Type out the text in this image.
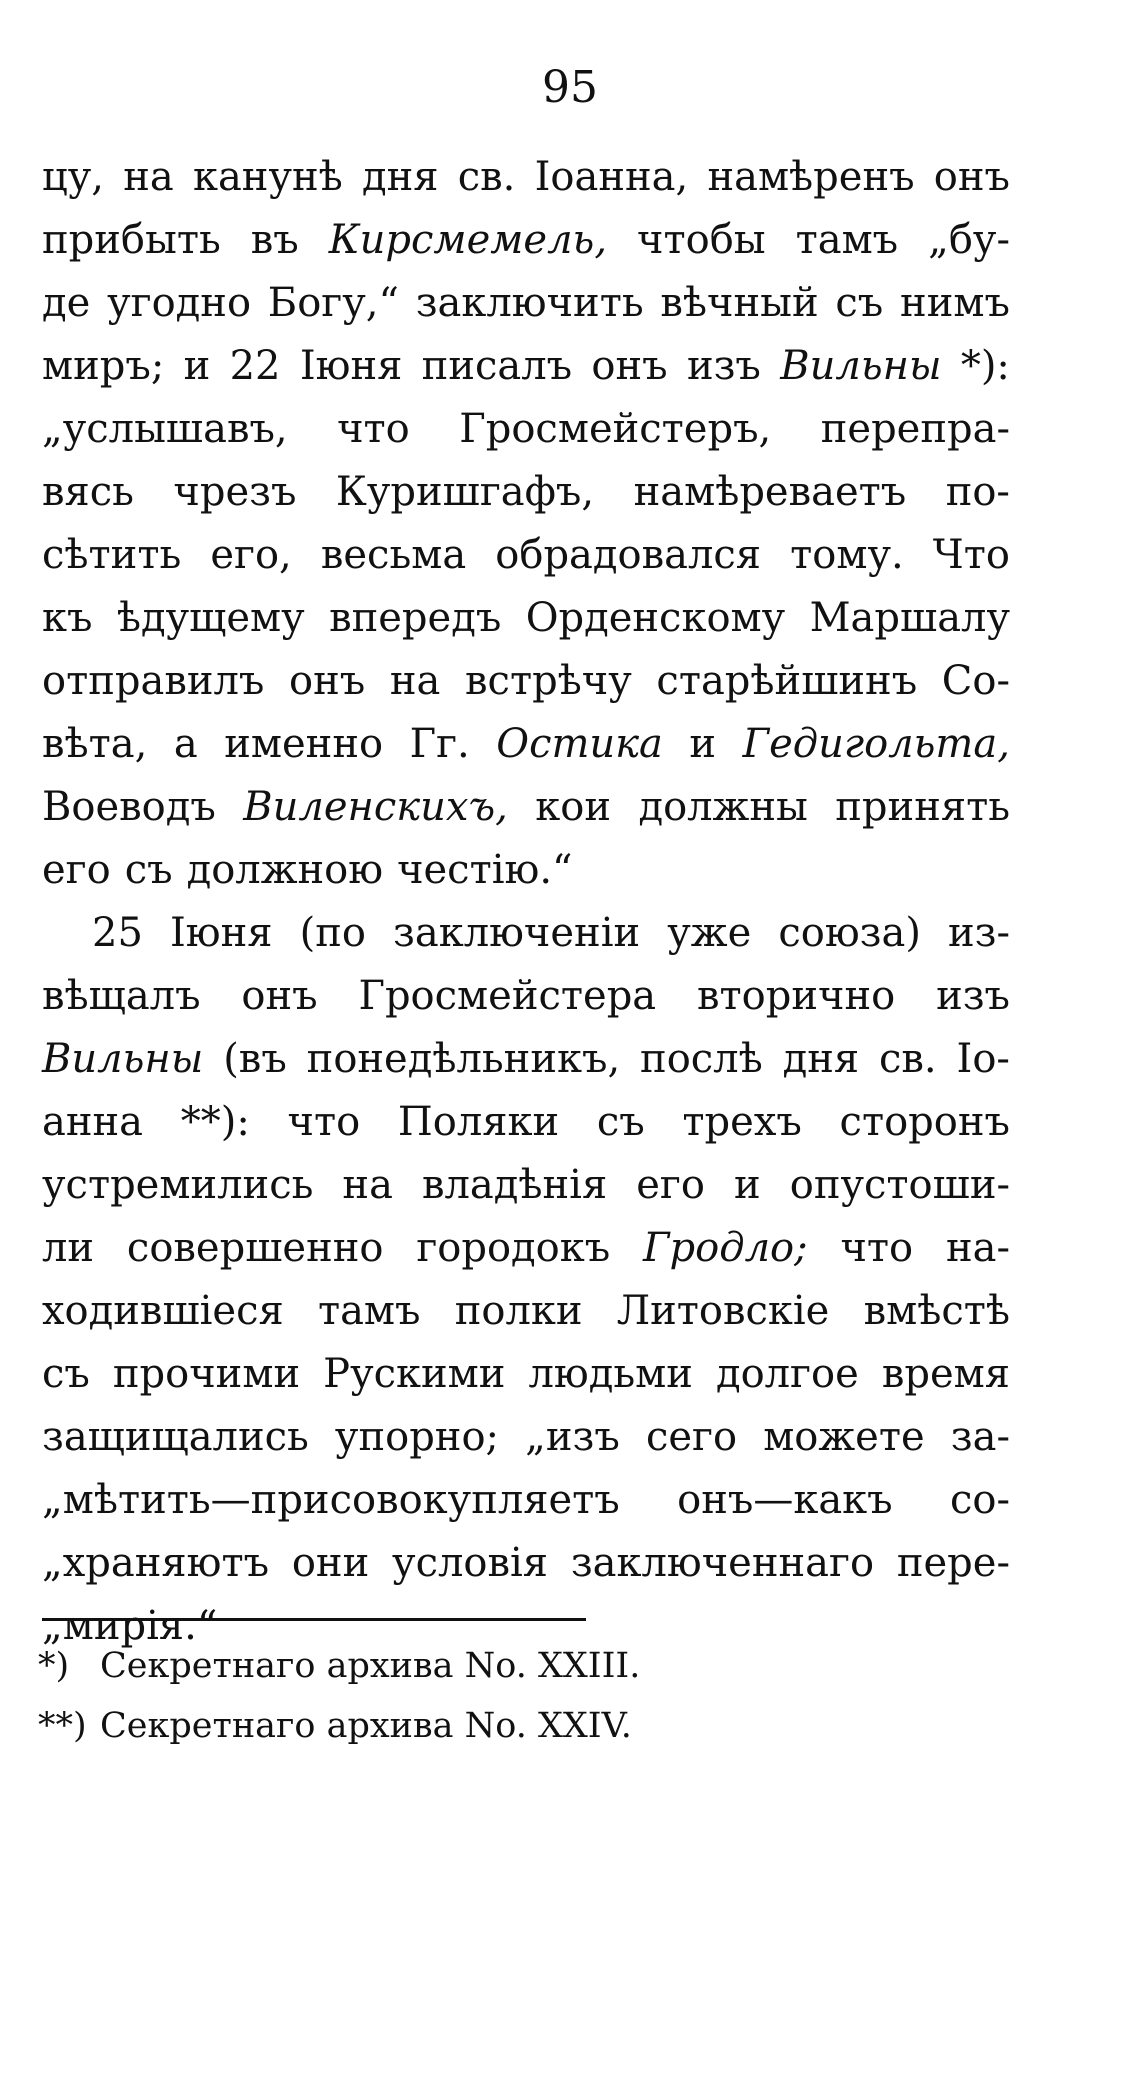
95
цу, на канунѣ дня св. Іоанна, намѣренъ онъ
прибыть въ Кирсмемель, чтобы тамъ „бу-
де угодно Богу,“ заключить вѣчный съ нимъ
миръ; и 22 Іюня писалъ онъ изъ Вильны *):
„услышавъ, что Гросмейстеръ, перепра-
вясь чрезъ Куришгафъ, намѣреваетъ по-
сѣтить его, весьма обрадовался тому. Что
къ ѣдущему впередъ Орденскому Маршалу
отправилъ онъ на встрѣчу старѣйшинъ Со-
вѣта, а именно Гг. Остика и Гедигольта,
Воеводъ Виленскихъ, кои должны принять
его съ должною честію.“
25 Іюня (по заключеніи уже союза) из-
вѣщалъ онъ Гросмейстера вторично изъ
Вильны (въ понедѣльникъ, послѣ дня св. Іо-
анна **): что Поляки съ трехъ сторонъ
устремились на владѣнія его и опустоши-
ли совершенно городокъ Гродло; что на-
ходившіеся тамъ полки Литовскіе вмѣстѣ
съ прочими Рускими людьми долгое время
защищались упорно; „изъ сего можете за-
„мѣтить—присовокупляетъ онъ—какъ со-
„храняютъ они условія заключеннаго пере-
„мирія.“
*) Секретнаго архива No. XXIII.
**) Секретнаго архива No. XXIV.
